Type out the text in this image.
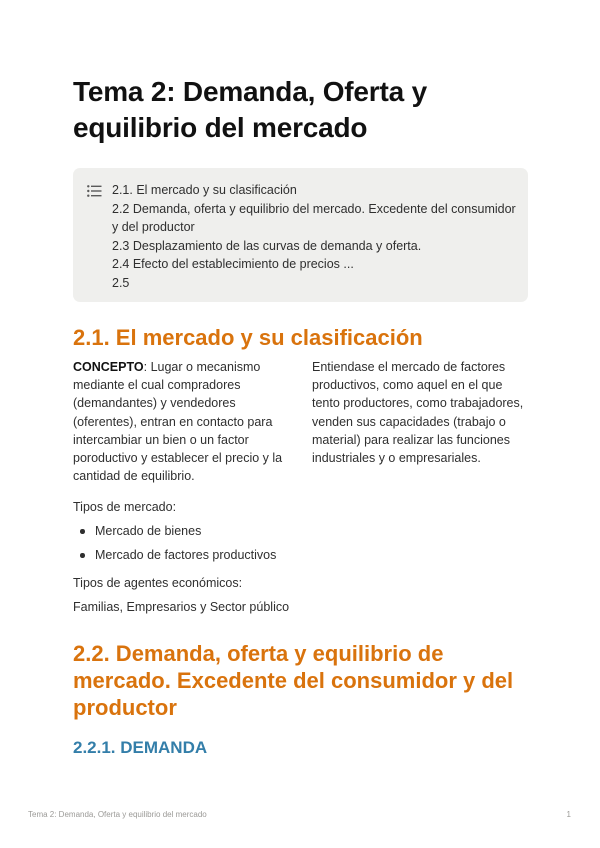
Tema 2: Demanda, Oferta y equilibrio del mercado
2.1. El mercado y su clasificación
2.2 Demanda, oferta y equilibrio del mercado. Excedente del consumidor y del productor
2.3 Desplazamiento de las curvas de demanda y oferta.
2.4 Efecto del establecimiento de precios ...
2.5
2.1. El mercado y su clasificación
CONCEPTO: Lugar o mecanismo mediante el cual compradores (demandantes) y vendedores (oferentes), entran en contacto para intercambiar un bien o un factor poroductivo y establecer el precio y la cantidad de equilibrio.
Entiendase el mercado de factores productivos, como aquel en el que tento productores, como trabajadores, venden sus capacidades (trabajo o material) para realizar las funciones industriales y o empresariales.

Tipos de mercado:

Mercado de bienes
Mercado de factores productivos

Tipos de agentes económicos:

Familias, Empresarios y Sector público

2.2. Demanda, oferta y equilibrio de mercado. Excedente del consumidor y del productor
2.2.1. DEMANDA
Tema 2: Demanda, Oferta y equilibrio del mercado	1
